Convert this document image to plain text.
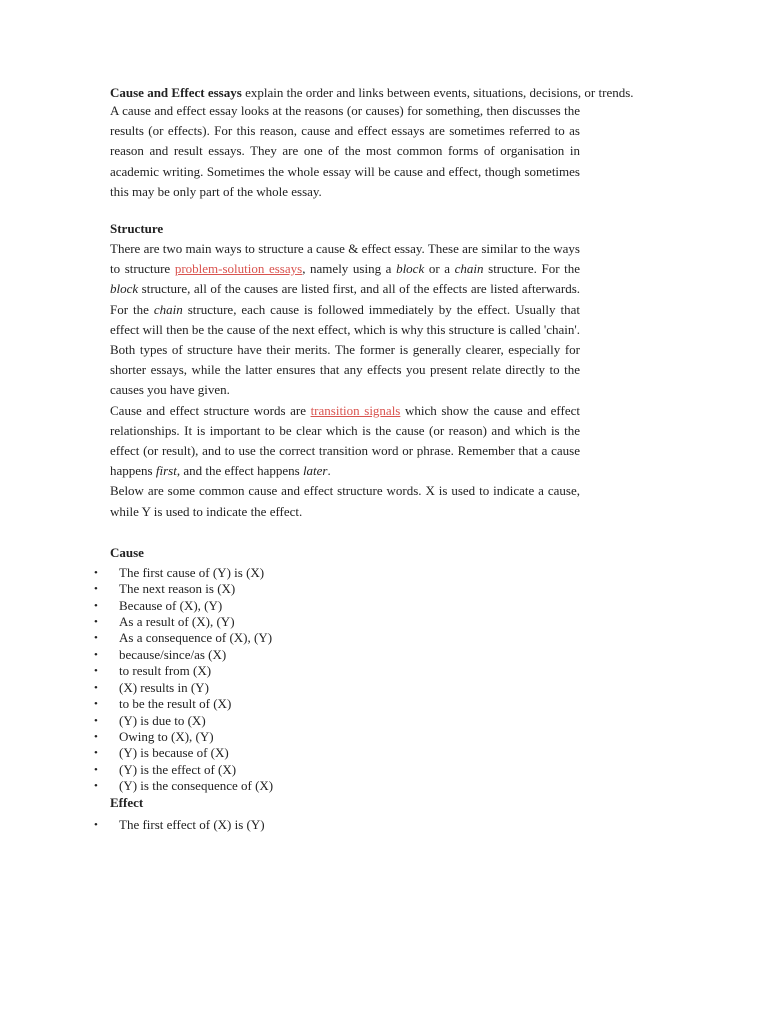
Cause and Effect essays explain the order and links between events, situations, decisions, or trends.

A cause and effect essay looks at the reasons (or causes) for something, then discusses the results (or effects). For this reason, cause and effect essays are sometimes referred to as reason and result essays. They are one of the most common forms of organisation in academic writing. Sometimes the whole essay will be cause and effect, though sometimes this may be only part of the whole essay.

Structure

There are two main ways to structure a cause & effect essay. These are similar to the ways to structure problem-solution essays, namely using a block or a chain structure. For the block structure, all of the causes are listed first, and all of the effects are listed afterwards. For the chain structure, each cause is followed immediately by the effect. Usually that effect will then be the cause of the next effect, which is why this structure is called 'chain'. Both types of structure have their merits. The former is generally clearer, especially for shorter essays, while the latter ensures that any effects you present relate directly to the causes you have given.

Cause and effect structure words are transition signals which show the cause and effect relationships. It is important to be clear which is the cause (or reason) and which is the effect (or result), and to use the correct transition word or phrase. Remember that a cause happens first, and the effect happens later.

Below are some common cause and effect structure words. X is used to indicate a cause, while Y is used to indicate the effect.

Cause

• The first cause of (Y) is (X)
• The next reason is (X)
• Because of (X), (Y)
• As a result of (X), (Y)
• As a consequence of (X), (Y)
• because/since/as (X)
• to result from (X)
• (X) results in (Y)
• to be the result of (X)
• (Y) is due to (X)
• Owing to (X), (Y)
• (Y) is because of (X)
• (Y) is the effect of (X)
• (Y) is the consequence of (X)

Effect

• The first effect of (X) is (Y)
